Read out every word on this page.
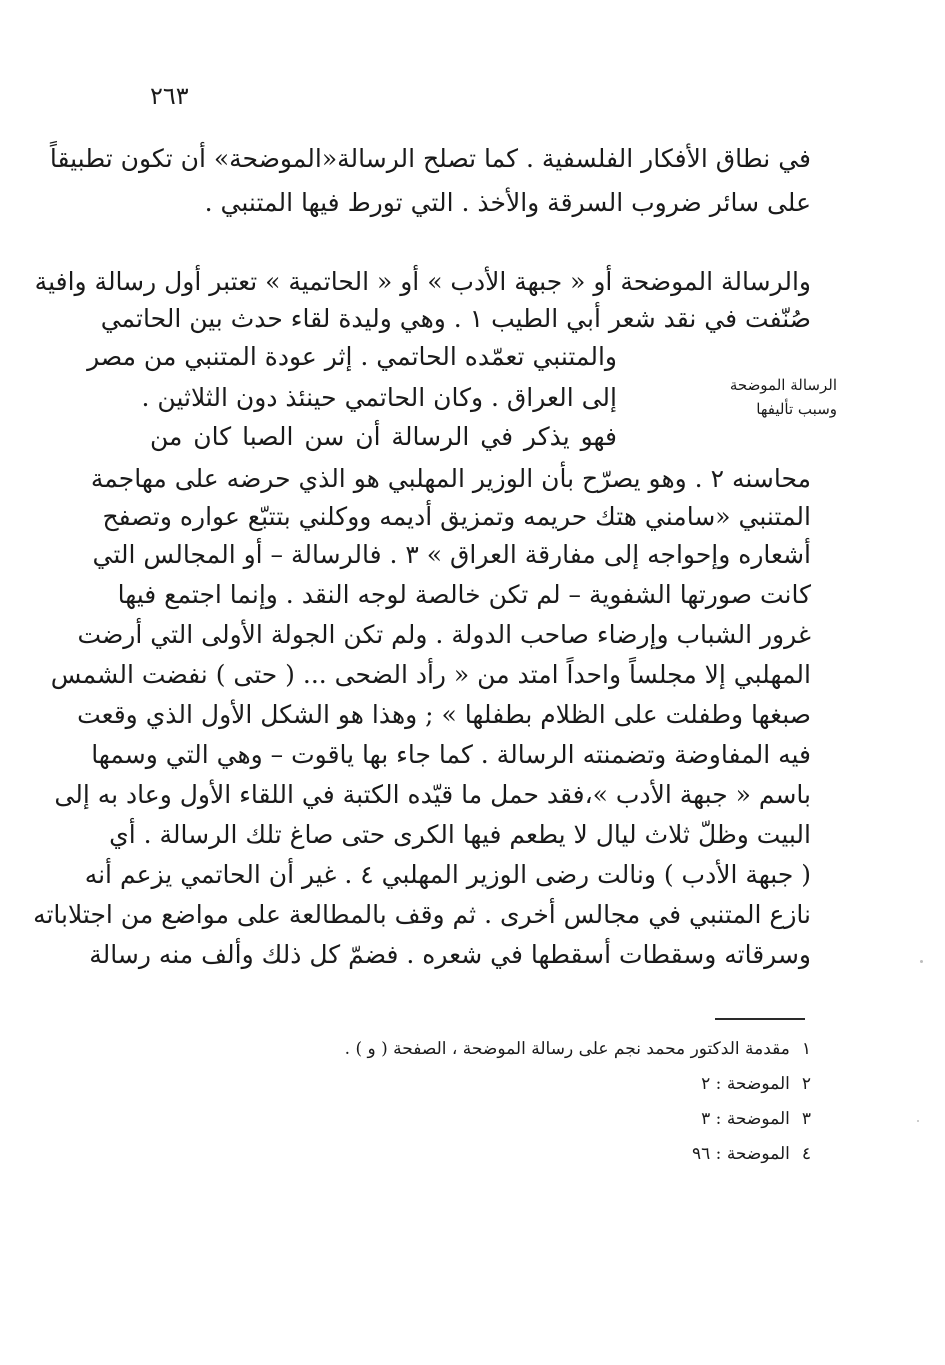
٢٦٣
في نطاق الأفكار الفلسفية . كما تصلح الرسالة«الموضحة» أن تكون تطبيقاً
على سائر ضروب السرقة والأخذ . التي تورط فيها المتنبي .
والرسالة الموضحة أو « جبهة الأدب » أو « الحاتمية » تعتبر أول رسالة وافية
صُنّفت في نقد شعر أبي الطيب ١ . وهي وليدة لقاء حدث بين الحاتمي
والمتنبي تعمّده الحاتمي . إثر عودة المتنبي من مصر
إلى العراق . وكان الحاتمي حينئذ دون الثلاثين .
فهو يذكر في الرسالة أن سن الصبا كان من
الرسالة الموضحة
وسبب تأليفها
محاسنه ٢ . وهو يصرّح بأن الوزير المهلبي هو الذي حرضه على مهاجمة
المتنبي «سامني هتك حريمه وتمزيق أديمه ووكلني بتتبّع عواره وتصفح
أشعاره وإحواجه إلى مفارقة العراق » ٣ . فالرسالة – أو المجالس التي
كانت صورتها الشفوية – لم تكن خالصة لوجه النقد . وإنما اجتمع فيها
غرور الشباب وإرضاء صاحب الدولة . ولم تكن الجولة الأولى التي أرضت
المهلبي إلا مجلساً واحداً امتد من « رأد الضحى ... ( حتى ) نفضت الشمس
صبغها وطفلت على الظلام بطفلها » ; وهذا هو الشكل الأول الذي وقعت
فيه المفاوضة وتضمنته الرسالة . كما جاء بها ياقوت – وهي التي وسمها
باسم « جبهة الأدب »،فقد حمل ما قيّده الكتبة في اللقاء الأول وعاد به إلى
البيت وظلّ ثلاث ليال لا يطعم فيها الكرى حتى صاغ تلك الرسالة . أي
( جبهة الأدب ) ونالت رضى الوزير المهلبي ٤ . غير أن الحاتمي يزعم أنه
نازع المتنبي في مجالس أخرى . ثم وقف بالمطالعة على مواضع من اجتلاباته
وسرقاته وسقطات أسقطها في شعره . فضمّ كل ذلك وألف منه رسالة
١مقدمة الدكتور محمد نجم على رسالة الموضحة ، الصفحة ( و ) .
٢الموضحة : ٢
٣الموضحة : ٣
٤الموضحة : ٩٦
